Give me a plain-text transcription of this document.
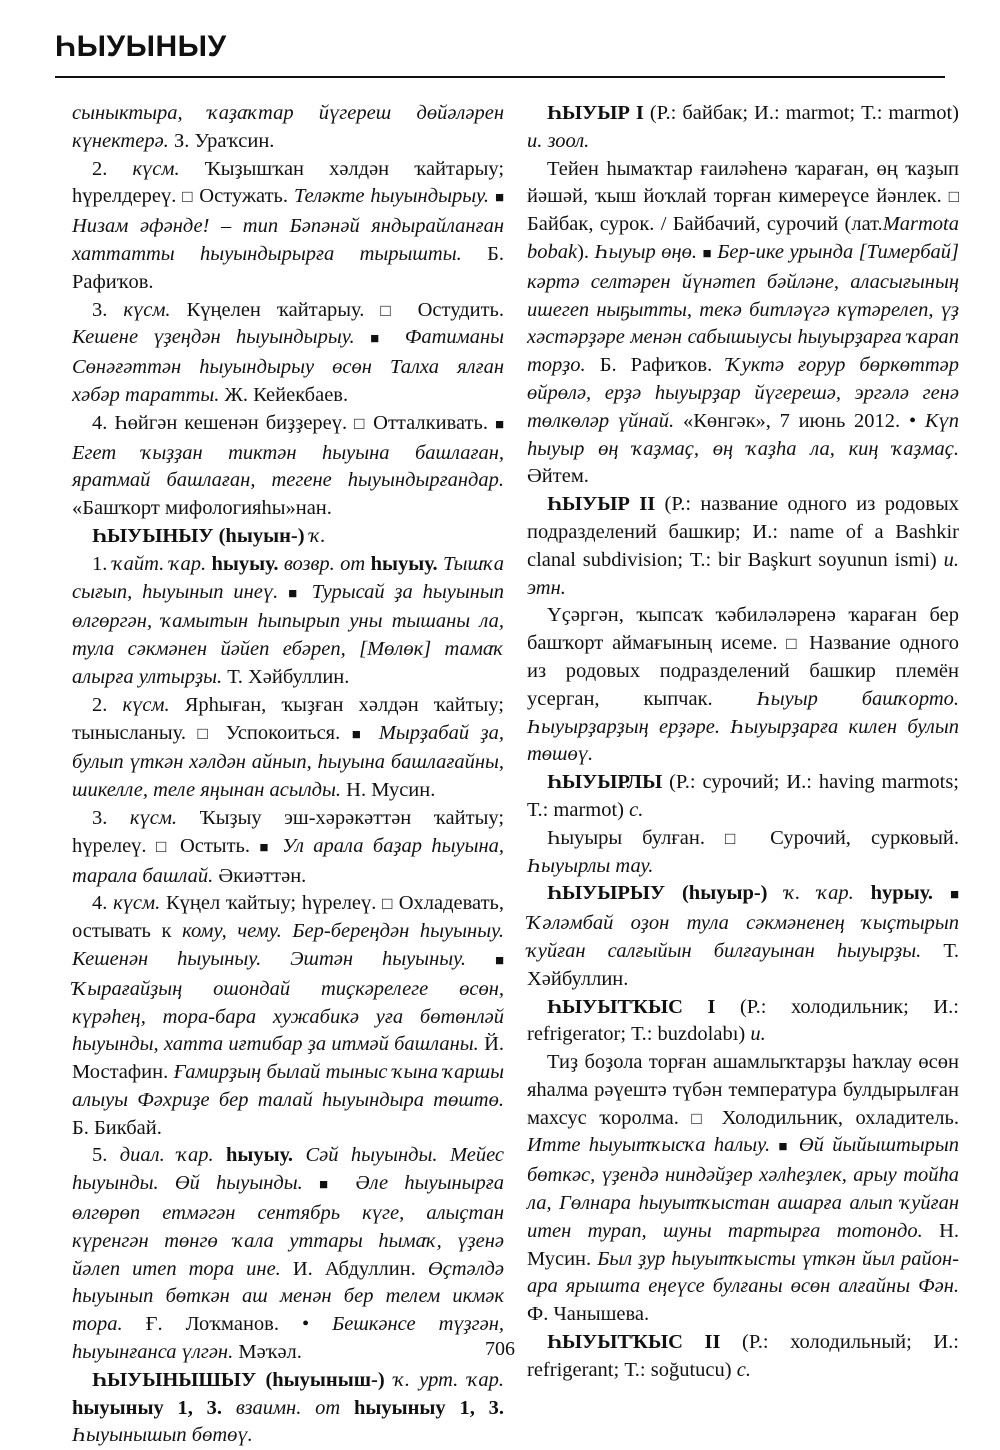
ҺЫУЫНЫУ

сыныктыра, ҡаҙаҡтар йүгереш дөйәләрен күнектерә. З. Ураҡсин.

2. күсм. Ҡыҙышҡан хәлдән ҡайтарыу; һүрелдереү. □ Остужать. Теләкте һыуындырыу. ■ Низам әфәнде! – тип Бәпәнәй яндырайланған хаттатты һыуындырырға тырышты. Б. Рафиҡов.

3. күсм. Күңелен ҡайтарыу. □ Остудить. Кешене үҙеңдән һыуындырыу. ■ Фатиманы Сөнәғәттән һыуындырыу өсөн Талха ялған хәбәр таратты. Ж. Кейекбаев.

4. Һөйгән кешенән биҙҙереү. □ Отталкивать. ■ Егет ҡыҙҙан тиктән һыуына башлаған, яратмай башлаған, тегене һыуындырғандар. «Башҡорт мифологияһы»нан.

ҺЫУЫНЫУ (һыуын-) ҡ.

1. ҡайт. ҡар. һыуыу. возвр. от һыуыу. Тышҡа сығып, һыуынып инеү. ■ Турысай ҙа һыуынып өлгөргән, ҡамытын һыпырып уны тышаны ла, тула сәкмәнен йәйеп ебәреп, [Мөлөк] тамаҡ алырға ултырҙы. Т. Хәйбуллин.

2. күсм. Ярһыған, ҡыҙған хәлдән ҡайтыу; тынысланыу. □ Успокоиться. ■ Мырҙабай ҙа, булып үткән хәлдән айнып, һыуына башлағайны, шикелле, теле яңынан асылды. Н. Мусин.

3. күсм. Ҡыҙыу эш-хәрәкәттән ҡайтыу; һүрелеү. □ Остыть. ■ Ул арала баҙар һыуына, тарала башлай. Әкиәттән.

4. күсм. Күңел ҡайтыу; һүрелеү. □ Охладевать, остывать к кому, чему. Бер-береңдән һыуыныу. Кешенән һыуыныу. Эштән һыуыныу. ■ Ҡырағайҙың ошондай тиҫкәрелеге өсөн, күрәһең, тора-бара хужабикә уға бөтөнләй һыуынды, хатта иғтибар ҙа итмәй башланы. Й. Мостафин. Ғамирҙың былай тыныс ҡына ҡаршы алыуы Фәхриҙе бер талай һыуындыра төштө. Б. Бикбай.

5. диал. ҡар. һыуыу. Сәй һыуынды. Мейес һыуынды. Өй һыуынды. ■ Әле һыуынырға өлгөрөп етмәгән сентябрь күге, алыҫтан күренгән төнгө ҡала уттары һымаҡ, үҙенә йәлеп итеп тора ине. И. Абдуллин. Өҫтәлдә һыуынып бөткән аш менән бер телем икмәк тора. Ғ. Лоҡманов. • Бешкәнсе түҙгән, һыуынғанса үлгән. Мәҡәл.

ҺЫУЫНЫШЫУ (һыуыныш-) ҡ. урт. ҡар. һыуыныу 1, 3. взаимн. от һыуыныу 1, 3. Һыуынышып бөтөү.

ҺЫУЫР I (Р.: байбак; И.: marmot; Т.: marmot) и. зоол.

Тейен һымаҡтар ғаиләһенә ҡараған, өң ҡаҙып йәшәй, ҡыш йоҡлай торған кимереүсе йәнлек. □ Байбак, сурок. / Байбачий, сурочий (лат.Marmota bobak). Һыуыр өңө. ■ Бер-ике урында [Тимербай] кәртә селтәрен йүнәтеп бәйләне, аласығының ишегеп ныҕытты, текә битләүгә күтәрелеп, үҙ хәстәрҙәре менән сабышыусы һыуырҙарға ҡарап торҙо. Б. Рафиҡов. Ҡуктә ғорур бөркөттәр өйрөлә, ерҙә һыуырҙар йүгерешә, эргәлә генә төлкөләр үйнай. «Көнгәк», 7 июнь 2012. • Күп һыуыр өң ҡаҙмаҫ, өң ҡаҙһа ла, киң ҡаҙмаҫ. Әйтем.

ҺЫУЫР II (Р.: название одного из родовых подразделений башкир; И.: name of a Bashkir clanal subdivision; Т.: bir Başkurt soyunun ismi) и. этн.

Үҫәргән, ҡыпсаҡ ҡәбиләләренә ҡараған бер башҡорт аймағының исеме. □ Название одного из родовых подразделений башкир племён усерган, кыпчак. Һыуыр башҡорто. Һыуырҙарҙың ерҙәре. Һыуырҙарға килен булып төшөү.

ҺЫУЫРЛЫ (Р.: сурочий; И.: having marmots; Т.: marmot) с.

Һыуыры булған. □ Сурочий, сурковый. Һыуырлы тау.

ҺЫУЫРЫУ (һыуыр-) ҡ. ҡар. һурыу. ■ Ҡәләмбай оҙон тула сәкмәненең ҡыҫтырып ҡуйған салғыйын билғауынан һыуырҙы. Т. Хәйбуллин.

ҺЫУЫТҠЫС I (Р.: холодильник; И.: refrigerator; Т.: buzdolabı) и.

Тиҙ боҙола торған ашамлыҡтарҙы һаҡлау өсөн яһалма рәүештә түбән температура булдырылған махсус ҡоролма. □ Холодильник, охладитель. Итте һыуытҡысҡа һалыу. ■ Өй йыйыштырып бөткәс, үҙендә ниндәйҙер хәлһеҙлек, арыу тойһа ла, Гөлнара һыуытҡыстан ашарға алып ҡуйған итен турап, шуны тартырға тотондо. Н. Мусин. Был ҙур һыуытҡысты үткән йыл район-ара ярышта еңеүсе булғаны өсөн алғайны Фән. Ф. Чанышева.

ҺЫУЫТҠЫС II (Р.: холодильный; И.: refrigerant; Т.: soğutucu) с.

706
